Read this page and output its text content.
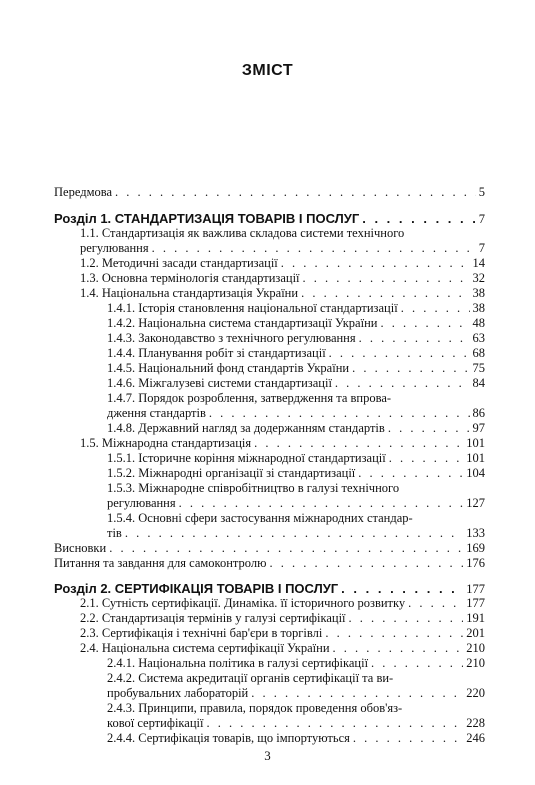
ЗМІСТ
Передмова . . .	5
Розділ 1. СТАНДАРТИЗАЦІЯ ТОВАРІВ І ПОСЛУГ . . .	7
1.1. Стандартизація як важлива складова системи технічного
регулювання . . .	7
1.2. Методичні засади стандартизації . . .	14
1.3. Основна термінологія стандартизації . . .	32
1.4. Національна стандартизація України . . .	38
1.4.1. Історія становлення національної стандартизації . . .	38
1.4.2. Національна система стандартизації України . . .	48
1.4.3. Законодавство з технічного регулювання . . .	63
1.4.4. Планування робіт зі стандартизації . . .	68
1.4.5. Національний фонд стандартів України . . .	75
1.4.6. Міжгалузеві системи стандартизації . . .	84
1.4.7. Порядок розроблення, затвердження та впрова-
дження стандартів . . .	86
1.4.8. Державний нагляд за додержанням стандартів . . .	97
1.5. Міжнародна стандартизація . . .	101
1.5.1. Історичне коріння міжнародної стандартизації . . .	101
1.5.2. Міжнародні організації зі стандартизації . . .	104
1.5.3. Міжнародне співробітництво в галузі технічного
регулювання . . .	127
1.5.4. Основні сфери застосування міжнародних стандар-
тів . . .	133
Висновки . . .	169
Питання та завдання для самоконтролю . . .	176
Розділ 2. СЕРТИФІКАЦІЯ ТОВАРІВ І ПОСЛУГ . . .	177
2.1. Сутність сертифікації. Динаміка. її історичного розвитку . . .	177
2.2. Стандартизація термінів у галузі сертифікації . . .	191
2.3. Сертифікація і технічні бар'єри в торгівлі . . .	201
2.4. Національна система сертифікації України . . .	210
2.4.1. Національна політика в галузі сертифікації . . .	210
2.4.2. Система акредитації органів сертифікації та ви-
пробувальних лабораторій . . .	220
2.4.3. Принципи, правила, порядок проведення обов'яз-
кової сертифікації . . .	228
2.4.4. Сертифікація товарів, що імпортуються . . .	246
3
